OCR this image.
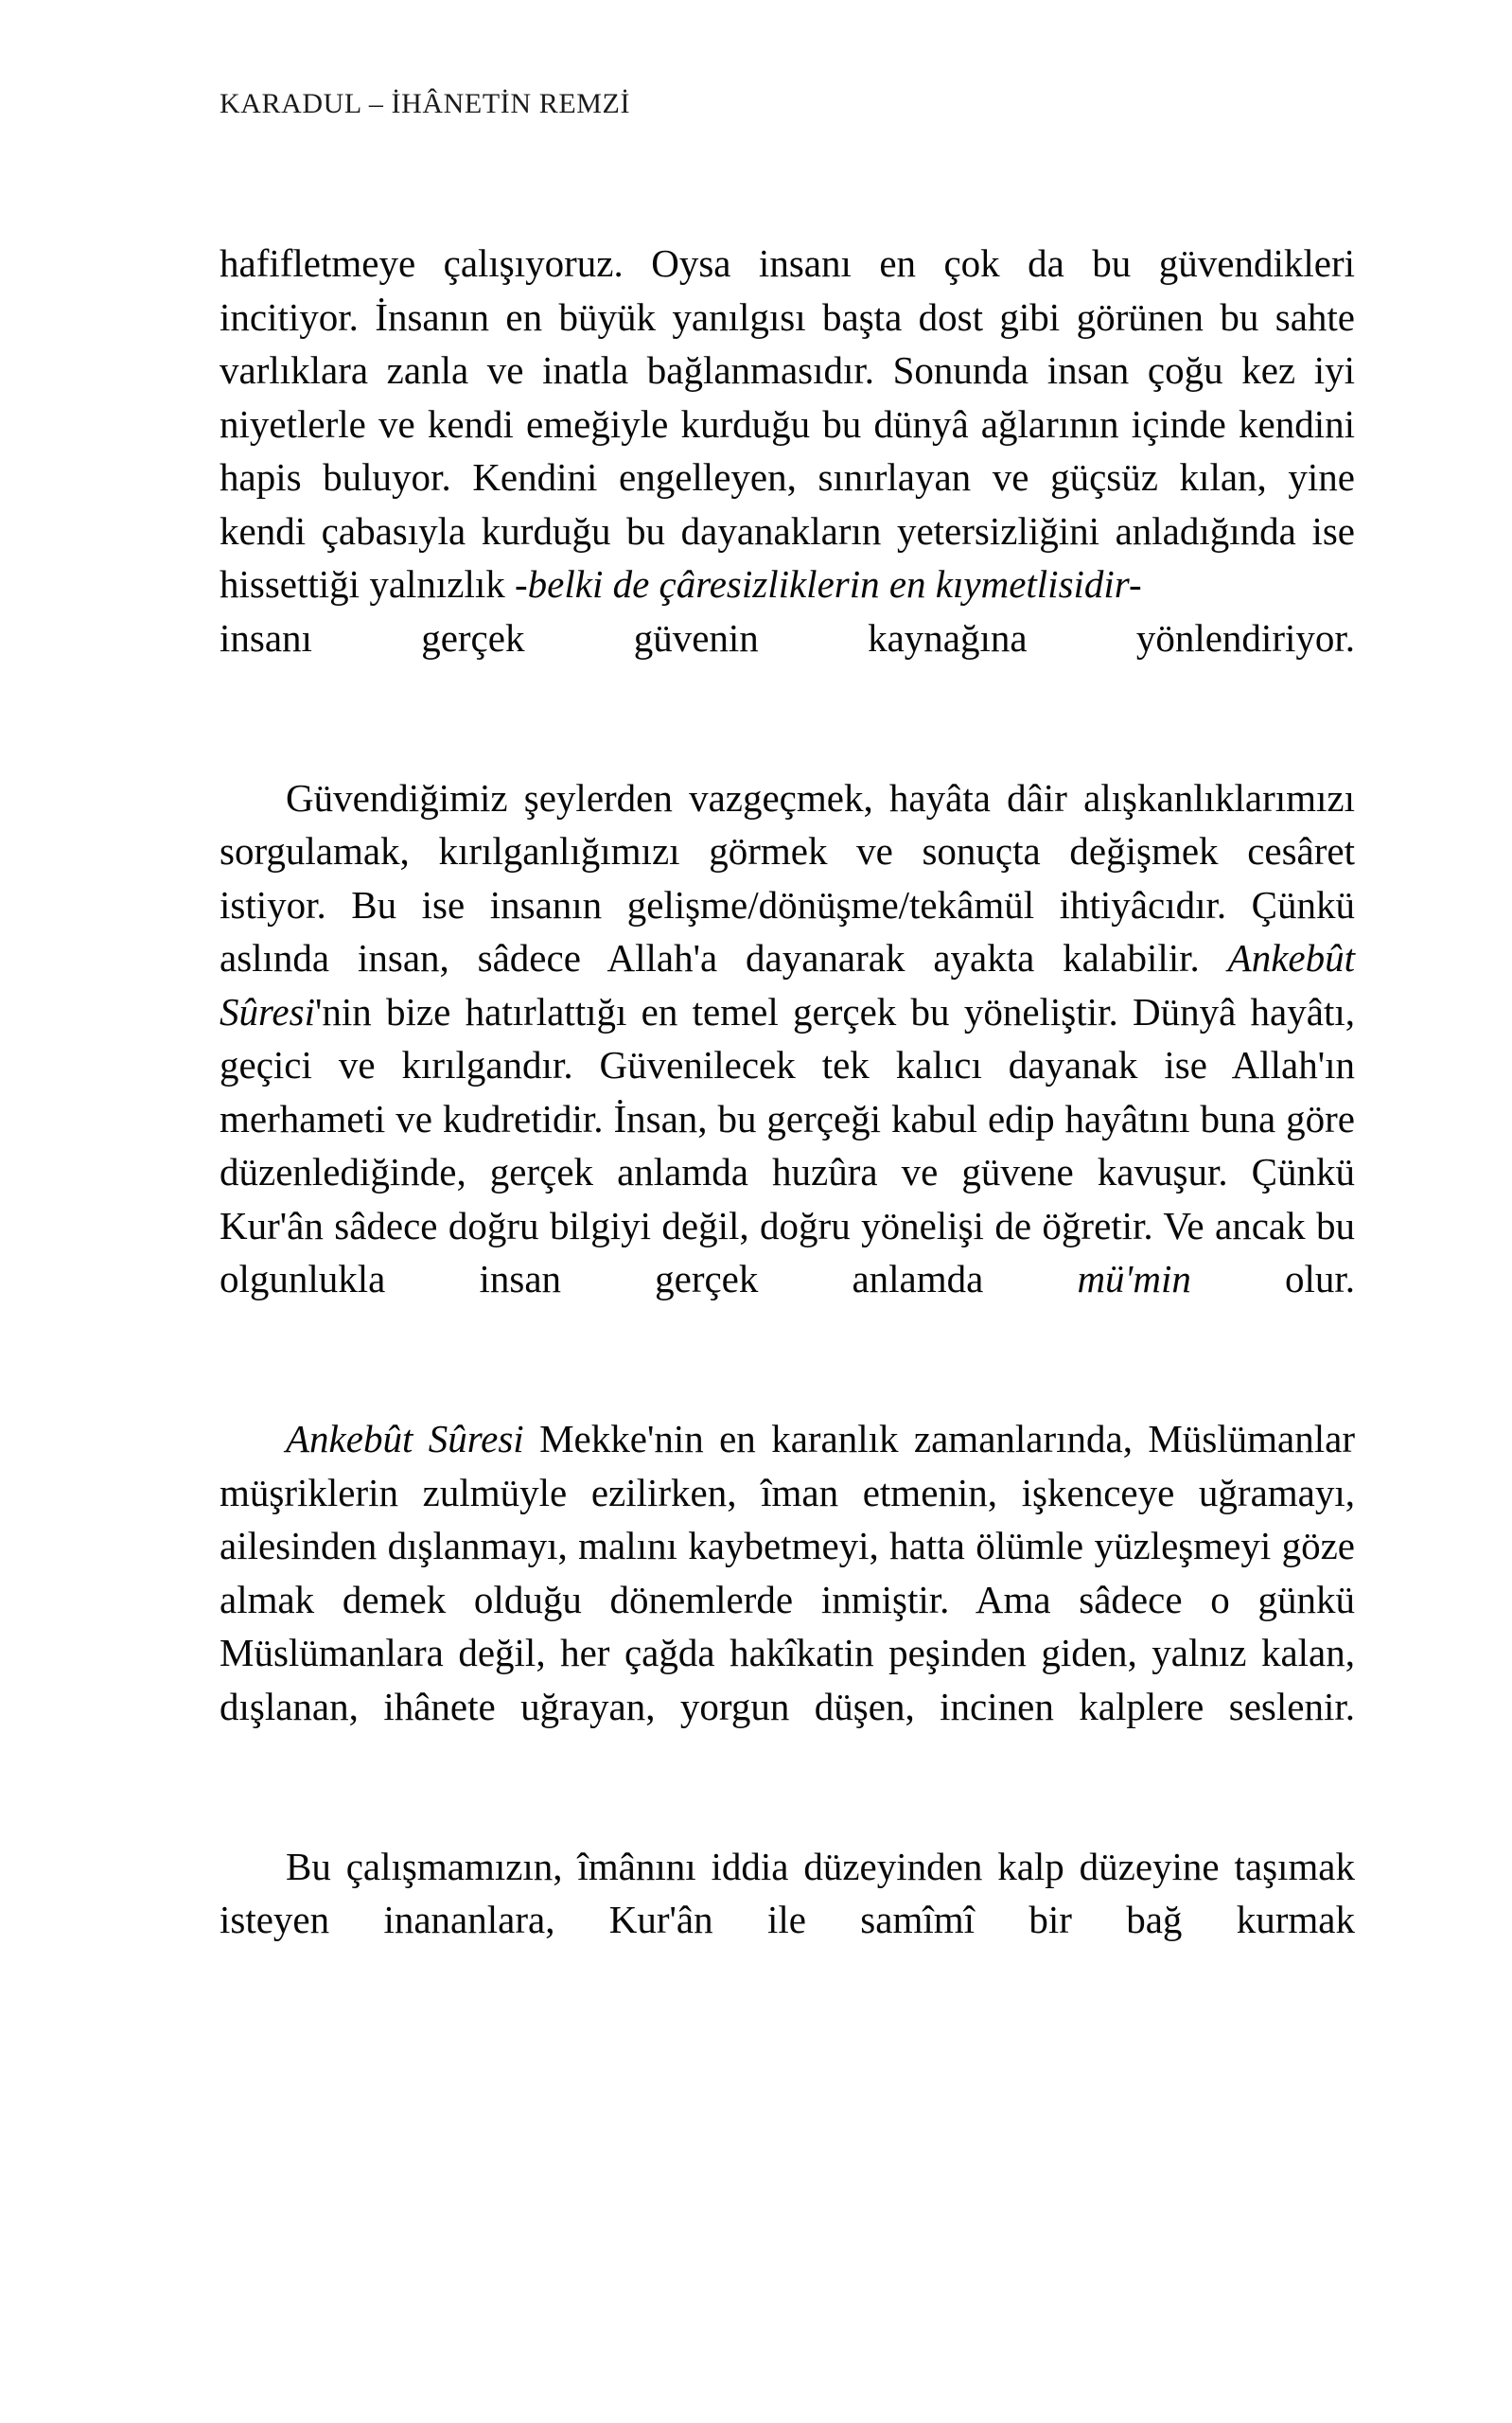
KARADUL – İHÂNETİN REMZİ

hafifletmeye çalışıyoruz. Oysa insanı en çok da bu güvendikleri incitiyor. İnsanın en büyük yanılgısı başta dost gibi görünen bu sahte varlıklara zanla ve inatla bağlanmasıdır. Sonunda insan çoğu kez iyi niyetlerle ve kendi emeğiyle kurduğu bu dünyâ ağlarının içinde kendini hapis buluyor. Kendini engelleyen, sınırlayan ve güçsüz kılan, yine kendi çabasıyla kurduğu bu dayanakların yetersizliğini anladığında ise hissettiği yalnızlık -belki de çâresizliklerin en kıymetlisidir-
insanı gerçek güvenin kaynağına yönlendiriyor.

Güvendiğimiz şeylerden vazgeçmek, hayâta dâir alışkanlıklarımızı sorgulamak, kırılganlığımızı görmek ve sonuçta değişmek cesâret istiyor. Bu ise insanın gelişme/dönüşme/tekâmül ihtiyâcıdır. Çünkü aslında insan, sâdece Allah'a dayanarak ayakta kalabilir. Ankebût Sûresi'nin bize hatırlattığı en temel gerçek bu yöneliştir. Dünyâ hayâtı, geçici ve kırılgandır. Güvenilecek tek kalıcı dayanak ise Allah'ın merhameti ve kudretidir. İnsan, bu gerçeği kabul edip hayâtını buna göre düzenlediğinde, gerçek anlamda huzûra ve güvene kavuşur. Çünkü Kur'ân sâdece doğru bilgiyi değil, doğru yönelişi de öğretir. Ve ancak bu olgunlukla insan gerçek anlamda mü'min olur.

Ankebût Sûresi Mekke'nin en karanlık zamanlarında, Müslümanlar müşriklerin zulmüyle ezilirken, îman etmenin, işkenceye uğramayı, ailesinden dışlanmayı, malını kaybetmeyi, hatta ölümle yüzleşmeyi göze almak demek olduğu dönemlerde inmiştir. Ama sâdece o günkü Müslümanlara değil, her çağda hakîkatin peşinden giden, yalnız kalan, dışlanan, ihânete uğrayan, yorgun düşen, incinen kalplere seslenir.

Bu çalışmamızın, îmânını iddia düzeyinden kalp düzeyine taşımak isteyen inananlara, Kur'ân ile samîmî bir bağ kurmak
